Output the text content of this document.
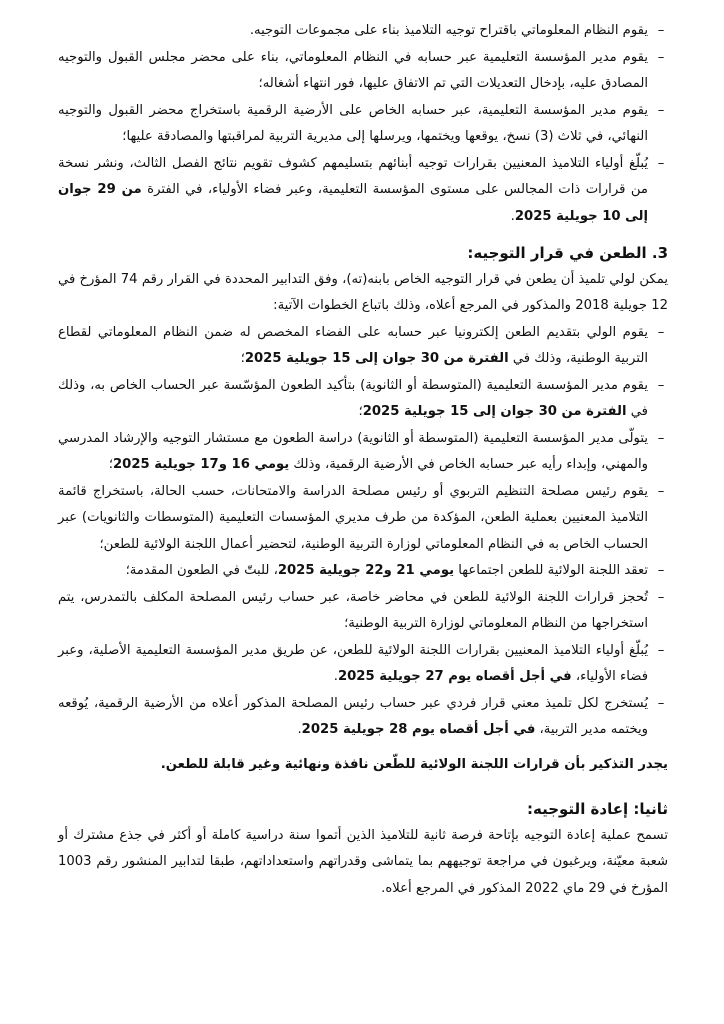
–
يقوم النظام المعلوماتي باقتراح توجيه التلاميذ بناء على مجموعات التوجيه.
–
يقوم مدير المؤسسة التعليمية عبر حسابه في النظام المعلوماتي، بناء على محضر مجلس القبول والتوجيه المصادق عليه، بإدخال التعديلات التي تم الاتفاق عليها، فور انتهاء أشغاله؛
–
يقوم مدير المؤسسة التعليمية، عبر حسابه الخاص على الأرضية الرقمية باستخراج محضر القبول والتوجيه النهائي، في ثلاث (3) نسخ، يوقعها ويختمها، ويرسلها إلى مديرية التربية لمراقبتها والمصادقة عليها؛
–
يُبلّغ أولياء التلاميذ المعنيين بقرارات توجيه أبنائهم بتسليمهم كشوف تقويم نتائج الفصل الثالث، ونشر نسخة من قرارات ذات المجالس على مستوى المؤسسة التعليمية، وعبر فضاء الأولياء، في الفترة من 29 جوان إلى 10 جويلية 2025.
3. الطعن في قرار التوجيه:

يمكن لولي تلميذ أن يطعن في قرار التوجيه الخاص بابنه(ته)، وفق التدابير المحددة في القرار رقم 74 المؤرخ في 12 جويلية 2018 والمذكور في المرجع أعلاه، وذلك باتباع الخطوات الآتية:

–
يقوم الولي بتقديم الطعن إلكترونيا عبر حسابه على الفضاء المخصص له ضمن النظام المعلوماتي لقطاع التربية الوطنية، وذلك في الفترة من 30 جوان إلى 15 جويلية 2025؛
–
يقوم مدير المؤسسة التعليمية (المتوسطة أو الثانوية) بتأكيد الطعون المؤسّسة عبر الحساب الخاص به، وذلك في الفترة من 30 جوان إلى 15 جويلية 2025؛
–
يتولّى مدير المؤسسة التعليمية (المتوسطة أو الثانوية) دراسة الطعون مع مستشار التوجيه والإرشاد المدرسي والمهني، وإبداء رأيه عبر حسابه الخاص في الأرضية الرقمية، وذلك يومي 16 و17 جويلية 2025؛
–
يقوم رئيس مصلحة التنظيم التربوي أو رئيس مصلحة الدراسة والامتحانات، حسب الحالة، باستخراج قائمة التلاميذ المعنيين بعملية الطعن، المؤكدة من طرف مديري المؤسسات التعليمية (المتوسطات والثانويات) عبر الحساب الخاص به في النظام المعلوماتي لوزارة التربية الوطنية، لتحضير أعمال اللجنة الولائية للطعن؛
–
تعقد اللجنة الولائية للطعن اجتماعها يومي 21 و22 جويلية 2025، للبتّ في الطعون المقدمة؛
–
تُحجز قرارات اللجنة الولائية للطعن في محاضر خاصة، عبر حساب رئيس المصلحة المكلف بالتمدرس، يتم استخراجها من النظام المعلوماتي لوزارة التربية الوطنية؛
–
يُبلّغ أولياء التلاميذ المعنيين بقرارات اللجنة الولائية للطعن، عن طريق مدير المؤسسة التعليمية الأصلية، وعبر فضاء الأولياء، في أجل أقصاه يوم 27 جويلية 2025.
–
يُستخرج لكل تلميذ معني قرار فردي عبر حساب رئيس المصلحة المذكور أعلاه من الأرضية الرقمية، يُوقعه ويختمه مدير التربية، في أجل أقصاه يوم 28 جويلية 2025.

يجدر التذكير بأن قرارات اللجنة الولائية للطّعن نافذة ونهائية وغير قابلة للطعن.

ثانيا: إعادة التوجيه:

تسمح عملية إعادة التوجيه بإتاحة فرصة ثانية للتلاميذ الذين أتموا سنة دراسية كاملة أو أكثر في جذع مشترك أو شعبة معيّنة، ويرغبون في مراجعة توجيههم بما يتماشى وقدراتهم واستعداداتهم، طبقا لتدابير المنشور رقم 1003 المؤرخ في 29 ماي 2022 المذكور في المرجع أعلاه.
